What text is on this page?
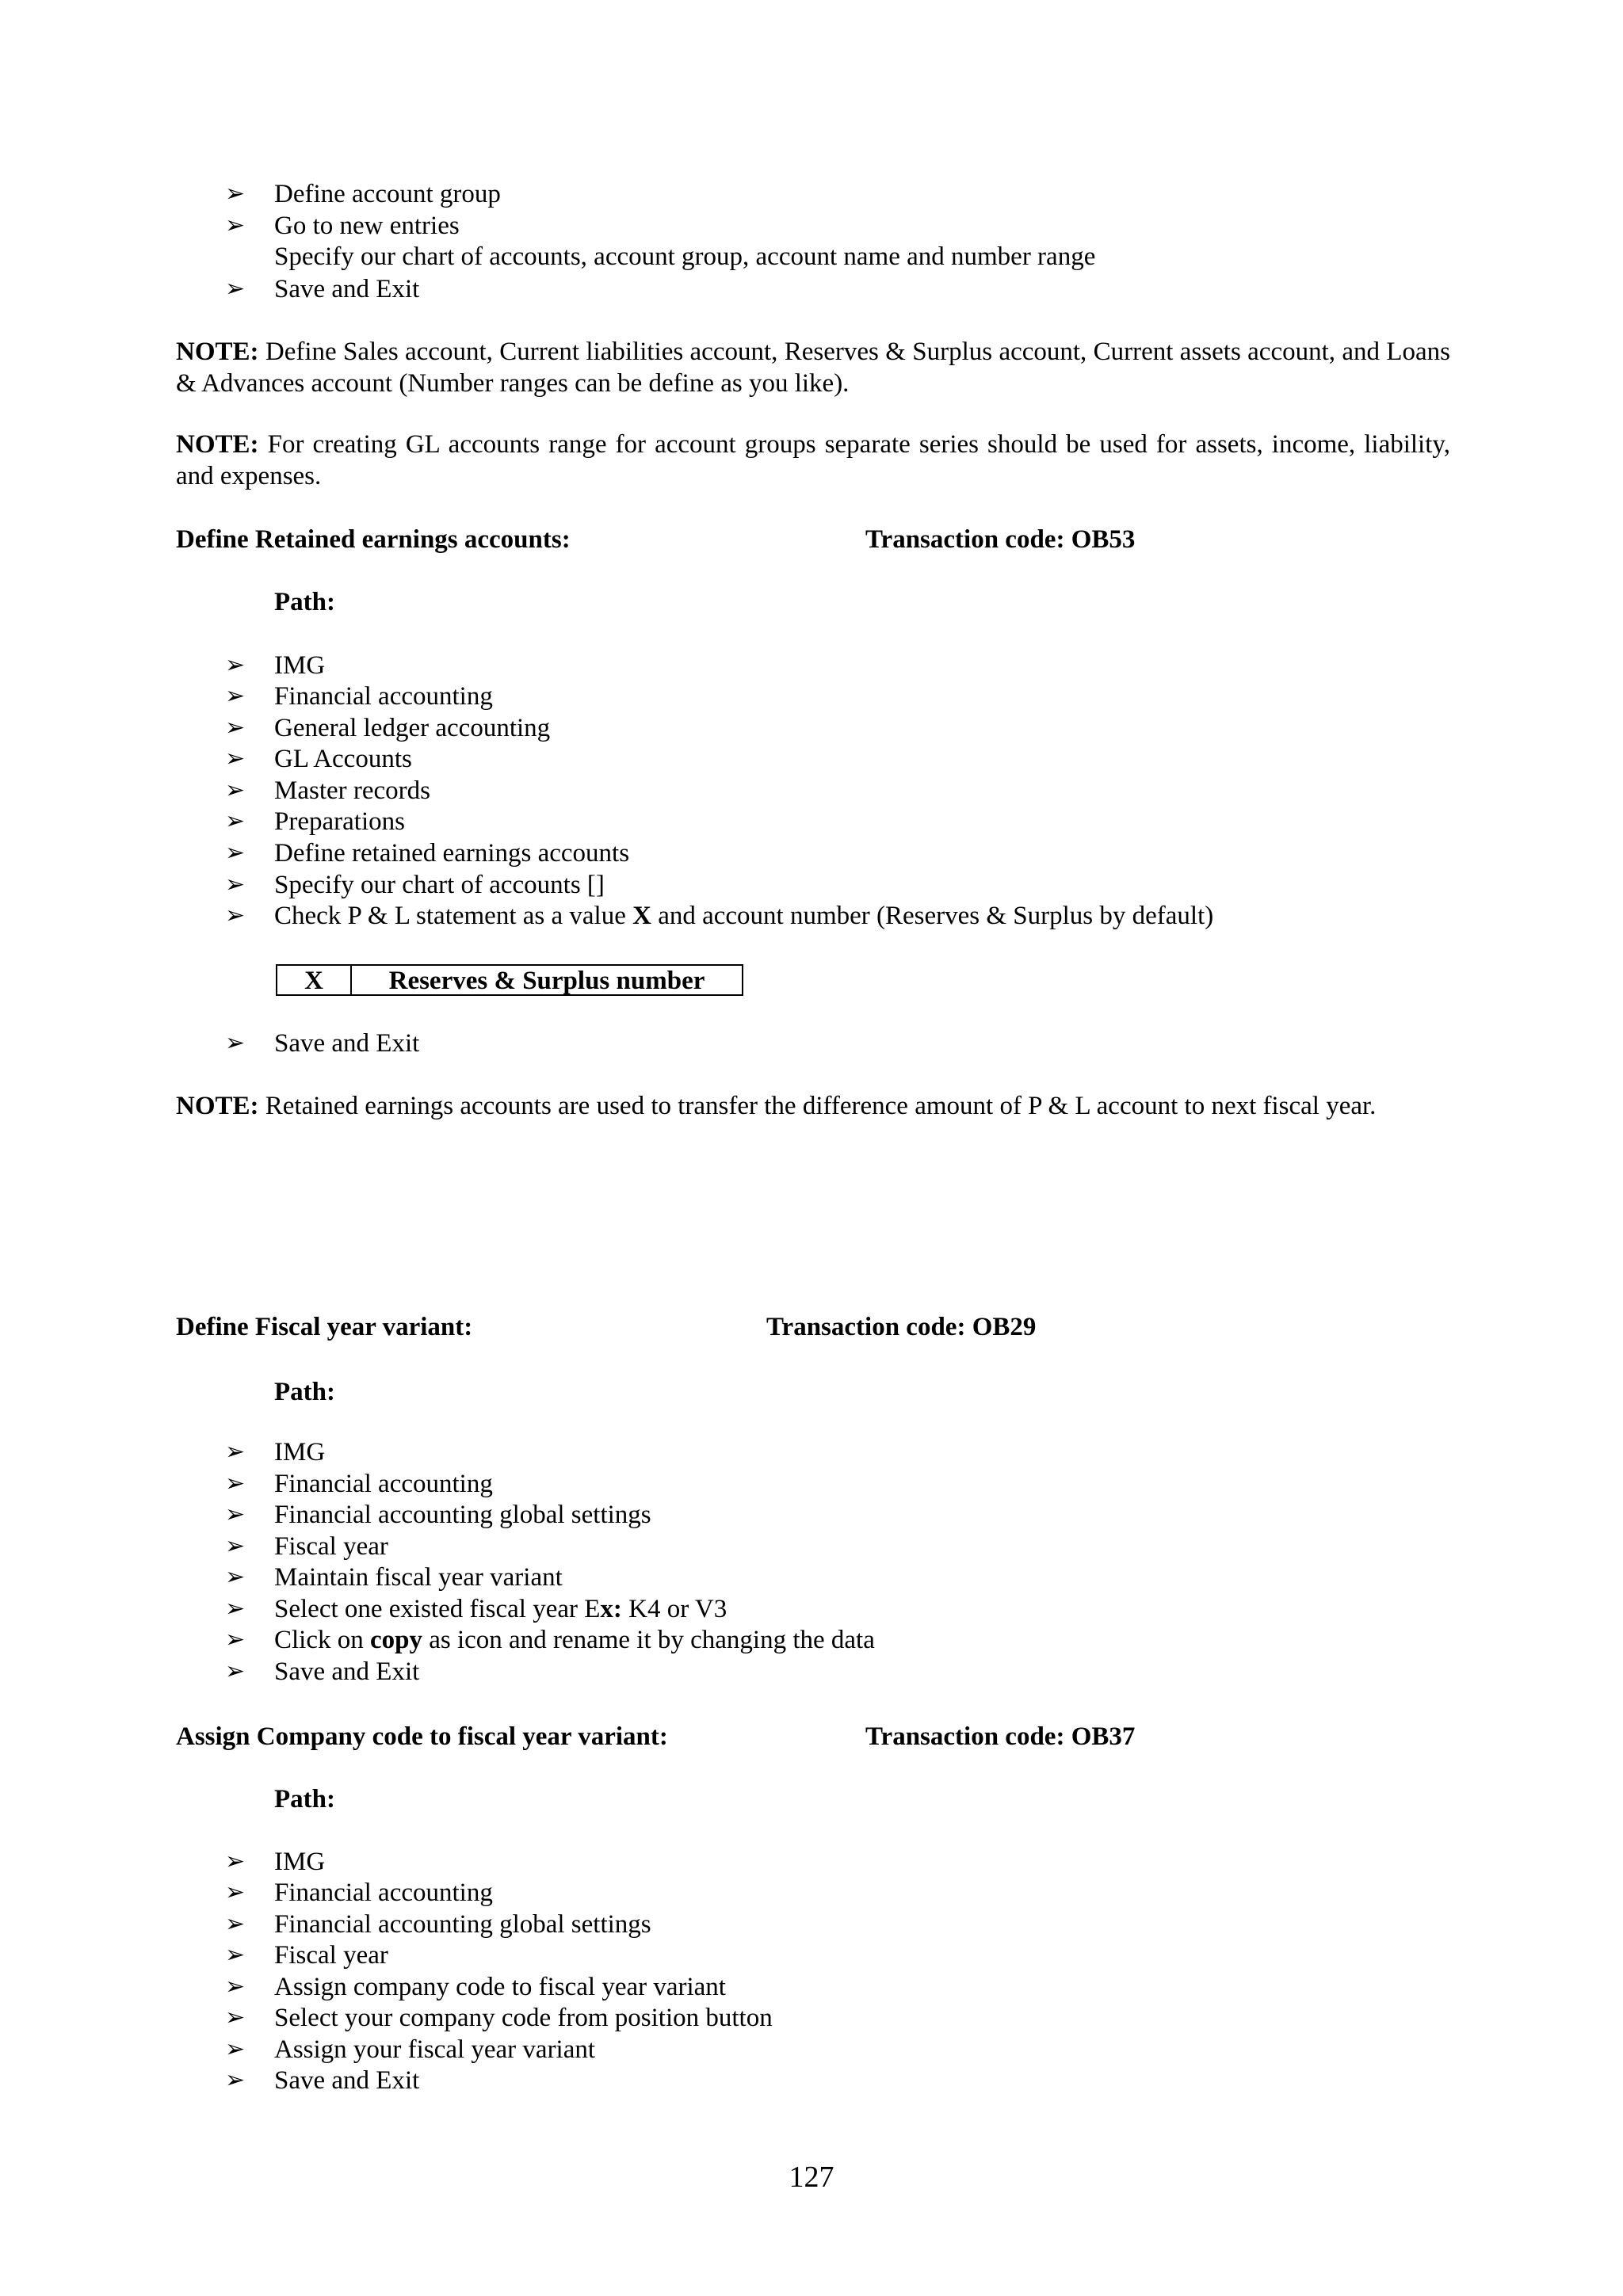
➢ Define account group
➢ Go to new entries
Specify our chart of accounts, account group, account name and number range
➢ Save and Exit
NOTE: Define Sales account, Current liabilities account, Reserves & Surplus account, Current assets account, and Loans & Advances account (Number ranges can be define as you like).
NOTE: For creating GL accounts range for account groups separate series should be used for assets, income, liability, and expenses.
Define Retained earnings accounts:	Transaction code: OB53
Path:
➢ IMG
➢ Financial accounting
➢ General ledger accounting
➢ GL Accounts
➢ Master records
➢ Preparations
➢ Define retained earnings accounts
➢ Specify our chart of accounts []
➢ Check P & L statement as a value X and account number (Reserves & Surplus by default)
X	Reserves & Surplus number
➢ Save and Exit
NOTE: Retained earnings accounts are used to transfer the difference amount of P & L account to next fiscal year.
Define Fiscal year variant:	Transaction code: OB29
Path:
➢ IMG
➢ Financial accounting
➢ Financial accounting global settings
➢ Fiscal year
➢ Maintain fiscal year variant
➢ Select one existed fiscal year Ex: K4 or V3
➢ Click on copy as icon and rename it by changing the data
➢ Save and Exit
Assign Company code to fiscal year variant:	Transaction code: OB37
Path:
➢ IMG
➢ Financial accounting
➢ Financial accounting global settings
➢ Fiscal year
➢ Assign company code to fiscal year variant
➢ Select your company code from position button
➢ Assign your fiscal year variant
➢ Save and Exit
127
